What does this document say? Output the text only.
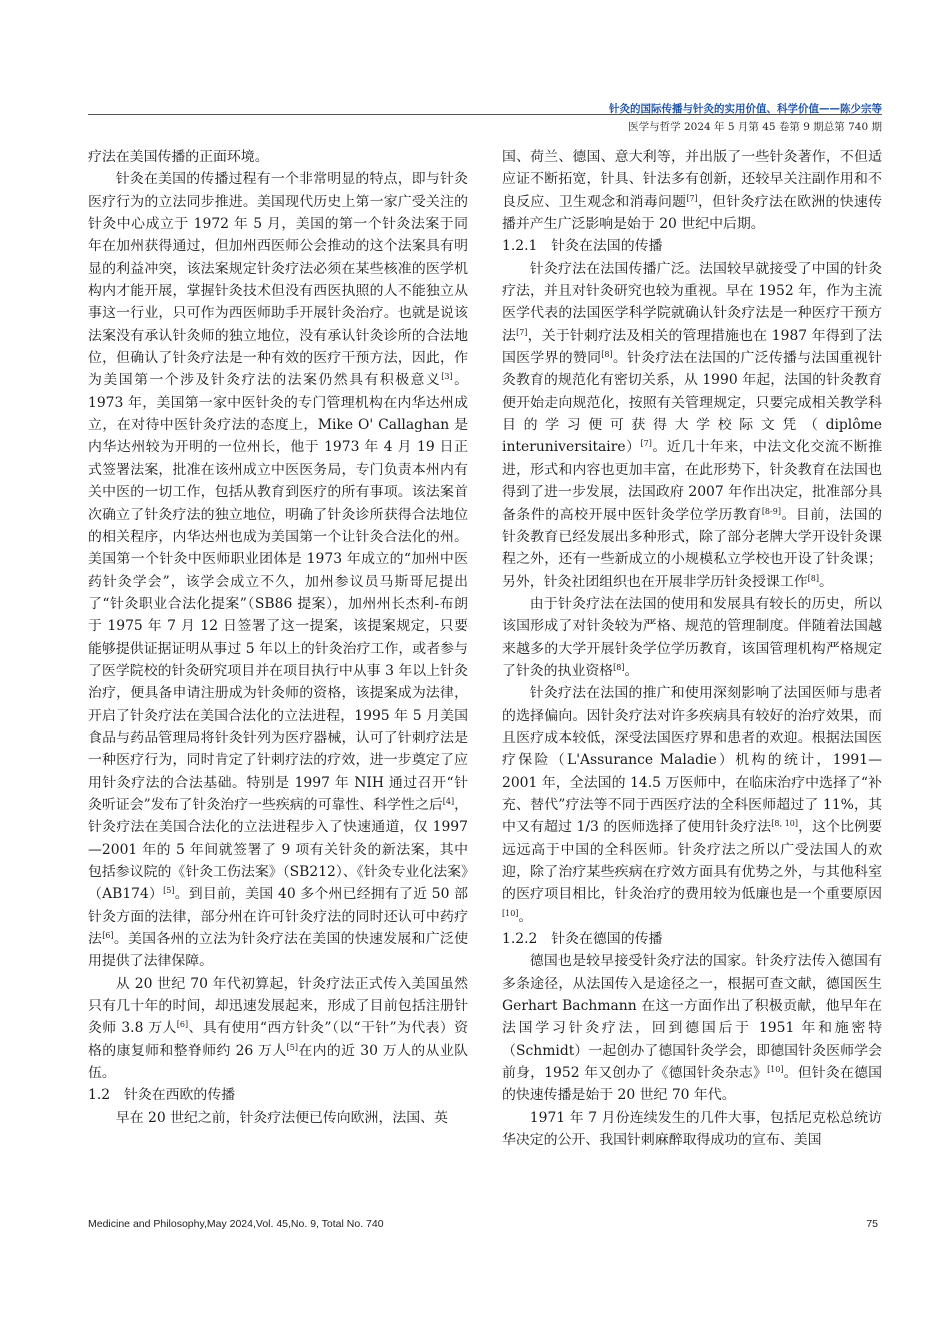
针灸的国际传播与针灸的实用价值、科学价值——陈少宗等
医学与哲学 2024 年 5 月第 45 卷第 9 期总第 740 期

疗法在美国传播的正面环境。

针灸在美国的传播过程有一个非常明显的特点，即与针灸医疗行为的立法同步推进。美国现代历史上第一家广受关注的针灸中心成立于 1972 年 5 月，美国的第一个针灸法案于同年在加州获得通过，但加州西医师公会推动的这个法案具有明显的利益冲突，该法案规定针灸疗法必须在某些核准的医学机构内才能开展，掌握针灸技术但没有西医执照的人不能独立从事这一行业，只可作为西医师助手开展针灸治疗。也就是说该法案没有承认针灸师的独立地位，没有承认针灸诊所的合法地位，但确认了针灸疗法是一种有效的医疗干预方法，因此，作为美国第一个涉及针灸疗法的法案仍然具有积极意义[3]。1973 年，美国第一家中医针灸的专门管理机构在内华达州成立，在对待中医针灸疗法的态度上，Mike O' Callaghan 是内华达州较为开明的一位州长，他于 1973 年 4 月 19 日正式签署法案，批准在该州成立中医医务局，专门负责本州内有关中医的一切工作，包括从教育到医疗的所有事项。该法案首次确立了针灸疗法的独立地位，明确了针灸诊所获得合法地位的相关程序，内华达州也成为美国第一个让针灸合法化的州。美国第一个针灸中医师职业团体是 1973 年成立的“加州中医药针灸学会”，该学会成立不久，加州参议员马斯哥尼提出了“针灸职业合法化提案”（SB86 提案），加州州长杰利-布朗于 1975 年 7 月 12 日签署了这一提案，该提案规定，只要能够提供证据证明从事过 5 年以上的针灸治疗工作，或者参与了医学院校的针灸研究项目并在项目执行中从事 3 年以上针灸治疗，便具备申请注册成为针灸师的资格，该提案成为法律，开启了针灸疗法在美国合法化的立法进程，1995 年 5 月美国食品与药品管理局将针灸针列为医疗器械，认可了针刺疗法是一种医疗行为，同时肯定了针刺疗法的疗效，进一步奠定了应用针灸疗法的合法基础。特别是 1997 年 NIH 通过召开“针灸听证会”发布了针灸治疗一些疾病的可靠性、科学性之后[4]，针灸疗法在美国合法化的立法进程步入了快速通道，仅 1997—2001 年的 5 年间就签署了 9 项有关针灸的新法案，其中包括参议院的《针灸工伤法案》（SB212）、《针灸专业化法案》（AB174）[5]。到目前，美国 40 多个州已经拥有了近 50 部针灸方面的法律，部分州在许可针灸疗法的同时还认可中药疗法[6]。美国各州的立法为针灸疗法在美国的快速发展和广泛使用提供了法律保障。

从 20 世纪 70 年代初算起，针灸疗法正式传入美国虽然只有几十年的时间，却迅速发展起来，形成了目前包括注册针灸师 3.8 万人[6]、具有使用“西方针灸”（以“干针”为代表）资格的康复师和整脊师约 26 万人[5]在内的近 30 万人的从业队伍。

1.2　针灸在西欧的传播

早在 20 世纪之前，针灸疗法便已传向欧洲，法国、英

国、荷兰、德国、意大利等，并出版了一些针灸著作，不但适应证不断拓宽，针具、针法多有创新，还较早关注副作用和不良反应、卫生观念和消毒问题[7]，但针灸疗法在欧洲的快速传播并产生广泛影响是始于 20 世纪中后期。

1.2.1　针灸在法国的传播

针灸疗法在法国传播广泛。法国较早就接受了中国的针灸疗法，并且对针灸研究也较为重视。早在 1952 年，作为主流医学代表的法国医学科学院就确认针灸疗法是一种医疗干预方法[7]，关于针刺疗法及相关的管理措施也在 1987 年得到了法国医学界的赞同[8]。针灸疗法在法国的广泛传播与法国重视针灸教育的规范化有密切关系，从 1990 年起，法国的针灸教育便开始走向规范化，按照有关管理规定，只要完成相关教学科目的学习便可获得大学校际文凭（diplôme interuniversitaire）[7]。近几十年来，中法文化交流不断推进，形式和内容也更加丰富，在此形势下，针灸教育在法国也得到了进一步发展，法国政府 2007 年作出决定，批准部分具备条件的高校开展中医针灸学位学历教育[8-9]。目前，法国的针灸教育已经发展出多种形式，除了部分老牌大学开设针灸课程之外，还有一些新成立的小规模私立学校也开设了针灸课；另外，针灸社团组织也在开展非学历针灸授课工作[8]。

由于针灸疗法在法国的使用和发展具有较长的历史，所以该国形成了对针灸较为严格、规范的管理制度。伴随着法国越来越多的大学开展针灸学位学历教育，该国管理机构严格规定了针灸的执业资格[8]。

针灸疗法在法国的推广和使用深刻影响了法国医师与患者的选择偏向。因针灸疗法对许多疾病具有较好的治疗效果，而且医疗成本较低，深受法国医疗界和患者的欢迎。根据法国医疗保险（L'Assurance Maladie）机构的统计，1991—2001 年，全法国的 14.5 万医师中，在临床治疗中选择了“补充、替代”疗法等不同于西医疗法的全科医师超过了 11%，其中又有超过 1/3 的医师选择了使用针灸疗法[8, 10]，这个比例要远远高于中国的全科医师。针灸疗法之所以广受法国人的欢迎，除了治疗某些疾病在疗效方面具有优势之外，与其他科室的医疗项目相比，针灸治疗的费用较为低廉也是一个重要原因[10]。

1.2.2　针灸在德国的传播

德国也是较早接受针灸疗法的国家。针灸疗法传入德国有多条途径，从法国传入是途径之一，根据可查文献，德国医生 Gerhart Bachmann 在这一方面作出了积极贡献，他早年在法国学习针灸疗法，回到德国后于 1951 年和施密特（Schmidt）一起创办了德国针灸学会，即德国针灸医师学会前身，1952 年又创办了《德国针灸杂志》[10]。但针灸在德国的快速传播是始于 20 世纪 70 年代。

1971 年 7 月份连续发生的几件大事，包括尼克松总统访华决定的公开、我国针刺麻醉取得成功的宣布、美国

Medicine and Philosophy,May 2024,Vol. 45,No. 9, Total No. 740	75
